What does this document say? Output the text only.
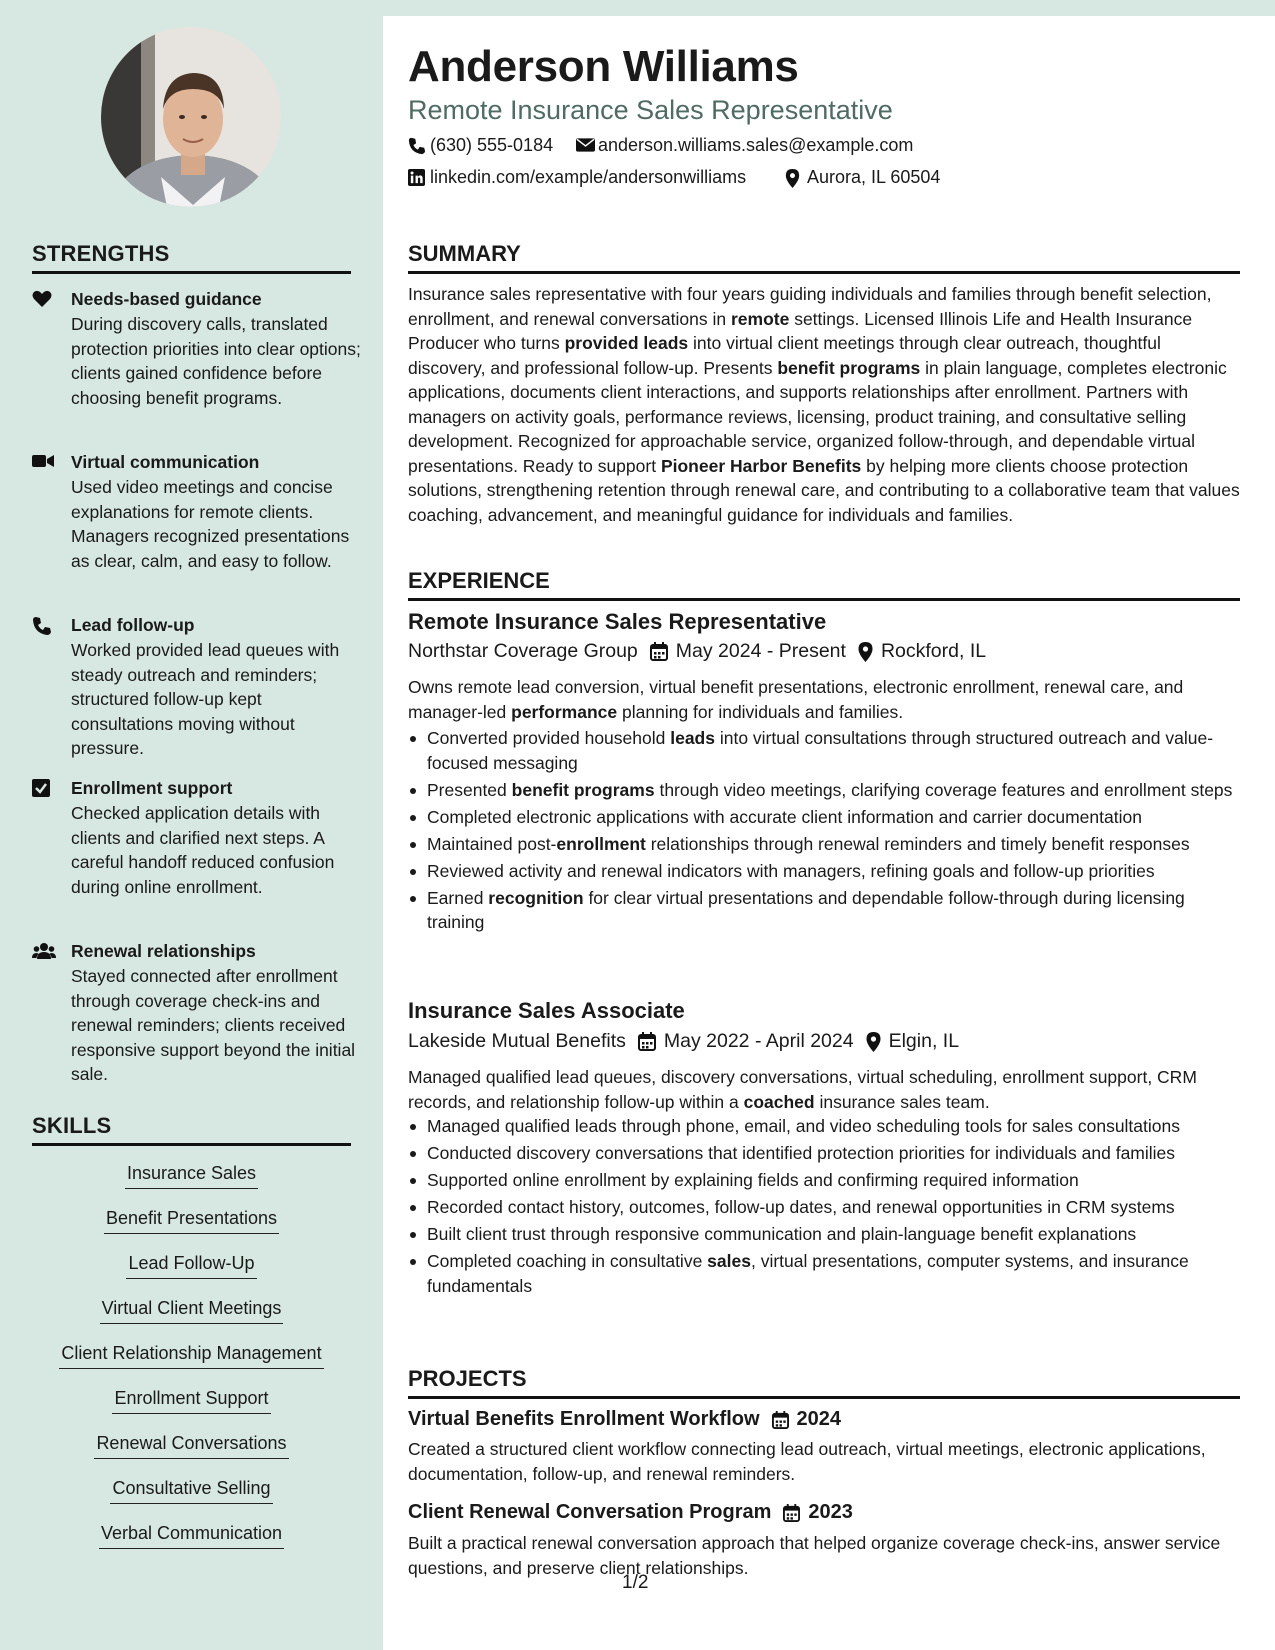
STRENGTHS
Needs-based guidance
During discovery calls, translated protection priorities into clear options; clients gained confidence before choosing benefit programs.
Virtual communication
Used video meetings and concise explanations for remote clients. Managers recognized presentations as clear, calm, and easy to follow.
Lead follow-up
Worked provided lead queues with steady outreach and reminders; structured follow-up kept consultations moving without pressure.
Enrollment support
Checked application details with clients and clarified next steps. A careful handoff reduced confusion during online enrollment.
Renewal relationships
Stayed connected after enrollment through coverage check-ins and renewal reminders; clients received responsive support beyond the initial sale.
SKILLS
Insurance Sales
Benefit Presentations
Lead Follow-Up
Virtual Client Meetings
Client Relationship Management
Enrollment Support
Renewal Conversations
Consultative Selling
Verbal Communication
Anderson Williams
Remote Insurance Sales Representative
(630) 555-0184 anderson.williams.sales@example.com
linkedin.com/example/andersonwilliams	Aurora, IL 60504
SUMMARY
Insurance sales representative with four years guiding individuals and families through benefit selection, enrollment, and renewal conversations in remote settings. Licensed Illinois Life and Health Insurance Producer who turns provided leads into virtual client meetings through clear outreach, thoughtful discovery, and professional follow-up. Presents benefit programs in plain language, completes electronic applications, documents client interactions, and supports relationships after enrollment. Partners with managers on activity goals, performance reviews, licensing, product training, and consultative selling development. Recognized for approachable service, organized follow-through, and dependable virtual presentations. Ready to support Pioneer Harbor Benefits by helping more clients choose protection solutions, strengthening retention through renewal care, and contributing to a collaborative team that values coaching, advancement, and meaningful guidance for individuals and families.
EXPERIENCE
Remote Insurance Sales Representative
Northstar Coverage Group May 2024 - Present Rockford, IL
Owns remote lead conversion, virtual benefit presentations, electronic enrollment, renewal care, and manager-led performance planning for individuals and families.
Converted provided household leads into virtual consultations through structured outreach and value-focused messaging
Presented benefit programs through video meetings, clarifying coverage features and enrollment steps
Completed electronic applications with accurate client information and carrier documentation
Maintained post-enrollment relationships through renewal reminders and timely benefit responses
Reviewed activity and renewal indicators with managers, refining goals and follow-up priorities
Earned recognition for clear virtual presentations and dependable follow-through during licensing training
Insurance Sales Associate
Lakeside Mutual Benefits May 2022 - April 2024 Elgin, IL
Managed qualified lead queues, discovery conversations, virtual scheduling, enrollment support, CRM records, and relationship follow-up within a coached insurance sales team.
Managed qualified leads through phone, email, and video scheduling tools for sales consultations
Conducted discovery conversations that identified protection priorities for individuals and families
Supported online enrollment by explaining fields and confirming required information
Recorded contact history, outcomes, follow-up dates, and renewal opportunities in CRM systems
Built client trust through responsive communication and plain-language benefit explanations
Completed coaching in consultative sales, virtual presentations, computer systems, and insurance fundamentals
PROJECTS
Virtual Benefits Enrollment Workflow 2024
Created a structured client workflow connecting lead outreach, virtual meetings, electronic applications, documentation, follow-up, and renewal reminders.
Client Renewal Conversation Program 2023
Built a practical renewal conversation approach that helped organize coverage check-ins, answer service questions, and preserve client relationships.
1/2
